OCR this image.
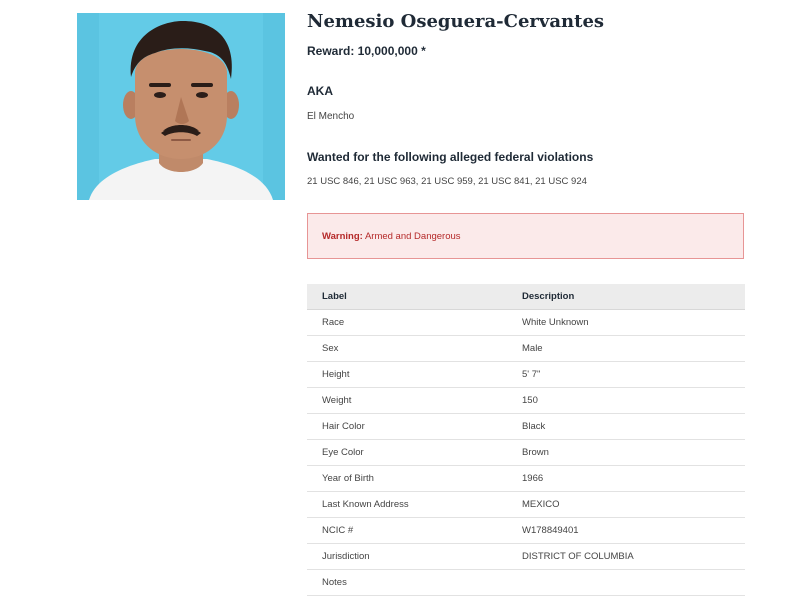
Nemesio Oseguera-Cervantes
Reward: 10,000,000 *
AKA
El Mencho
Wanted for the following alleged federal violations
21 USC 846, 21 USC 963, 21 USC 959, 21 USC 841, 21 USC 924
Warning: Armed and Dangerous
Label	Description
Race	White Unknown
Sex	Male
Height	5' 7"
Weight	150
Hair Color	Black
Eye Color	Brown
Year of Birth	1966
Last Known Address	MEXICO
NCIC #	W178849401
Jurisdiction	DISTRICT OF COLUMBIA
Notes	
